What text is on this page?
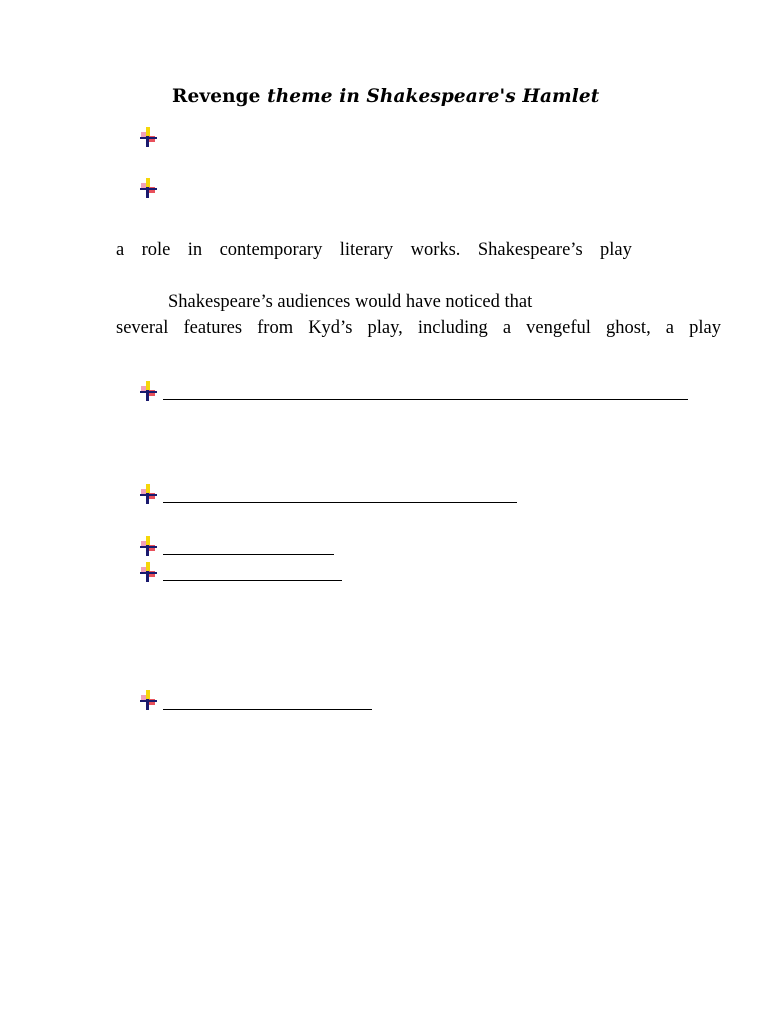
Revenge theme in Shakespeare's Hamlet
a role in contemporary literary works. Shakespeare’s play
Shakespeare’s audiences would have noticed that
several features from Kyd’s play, including a vengeful ghost, a play
